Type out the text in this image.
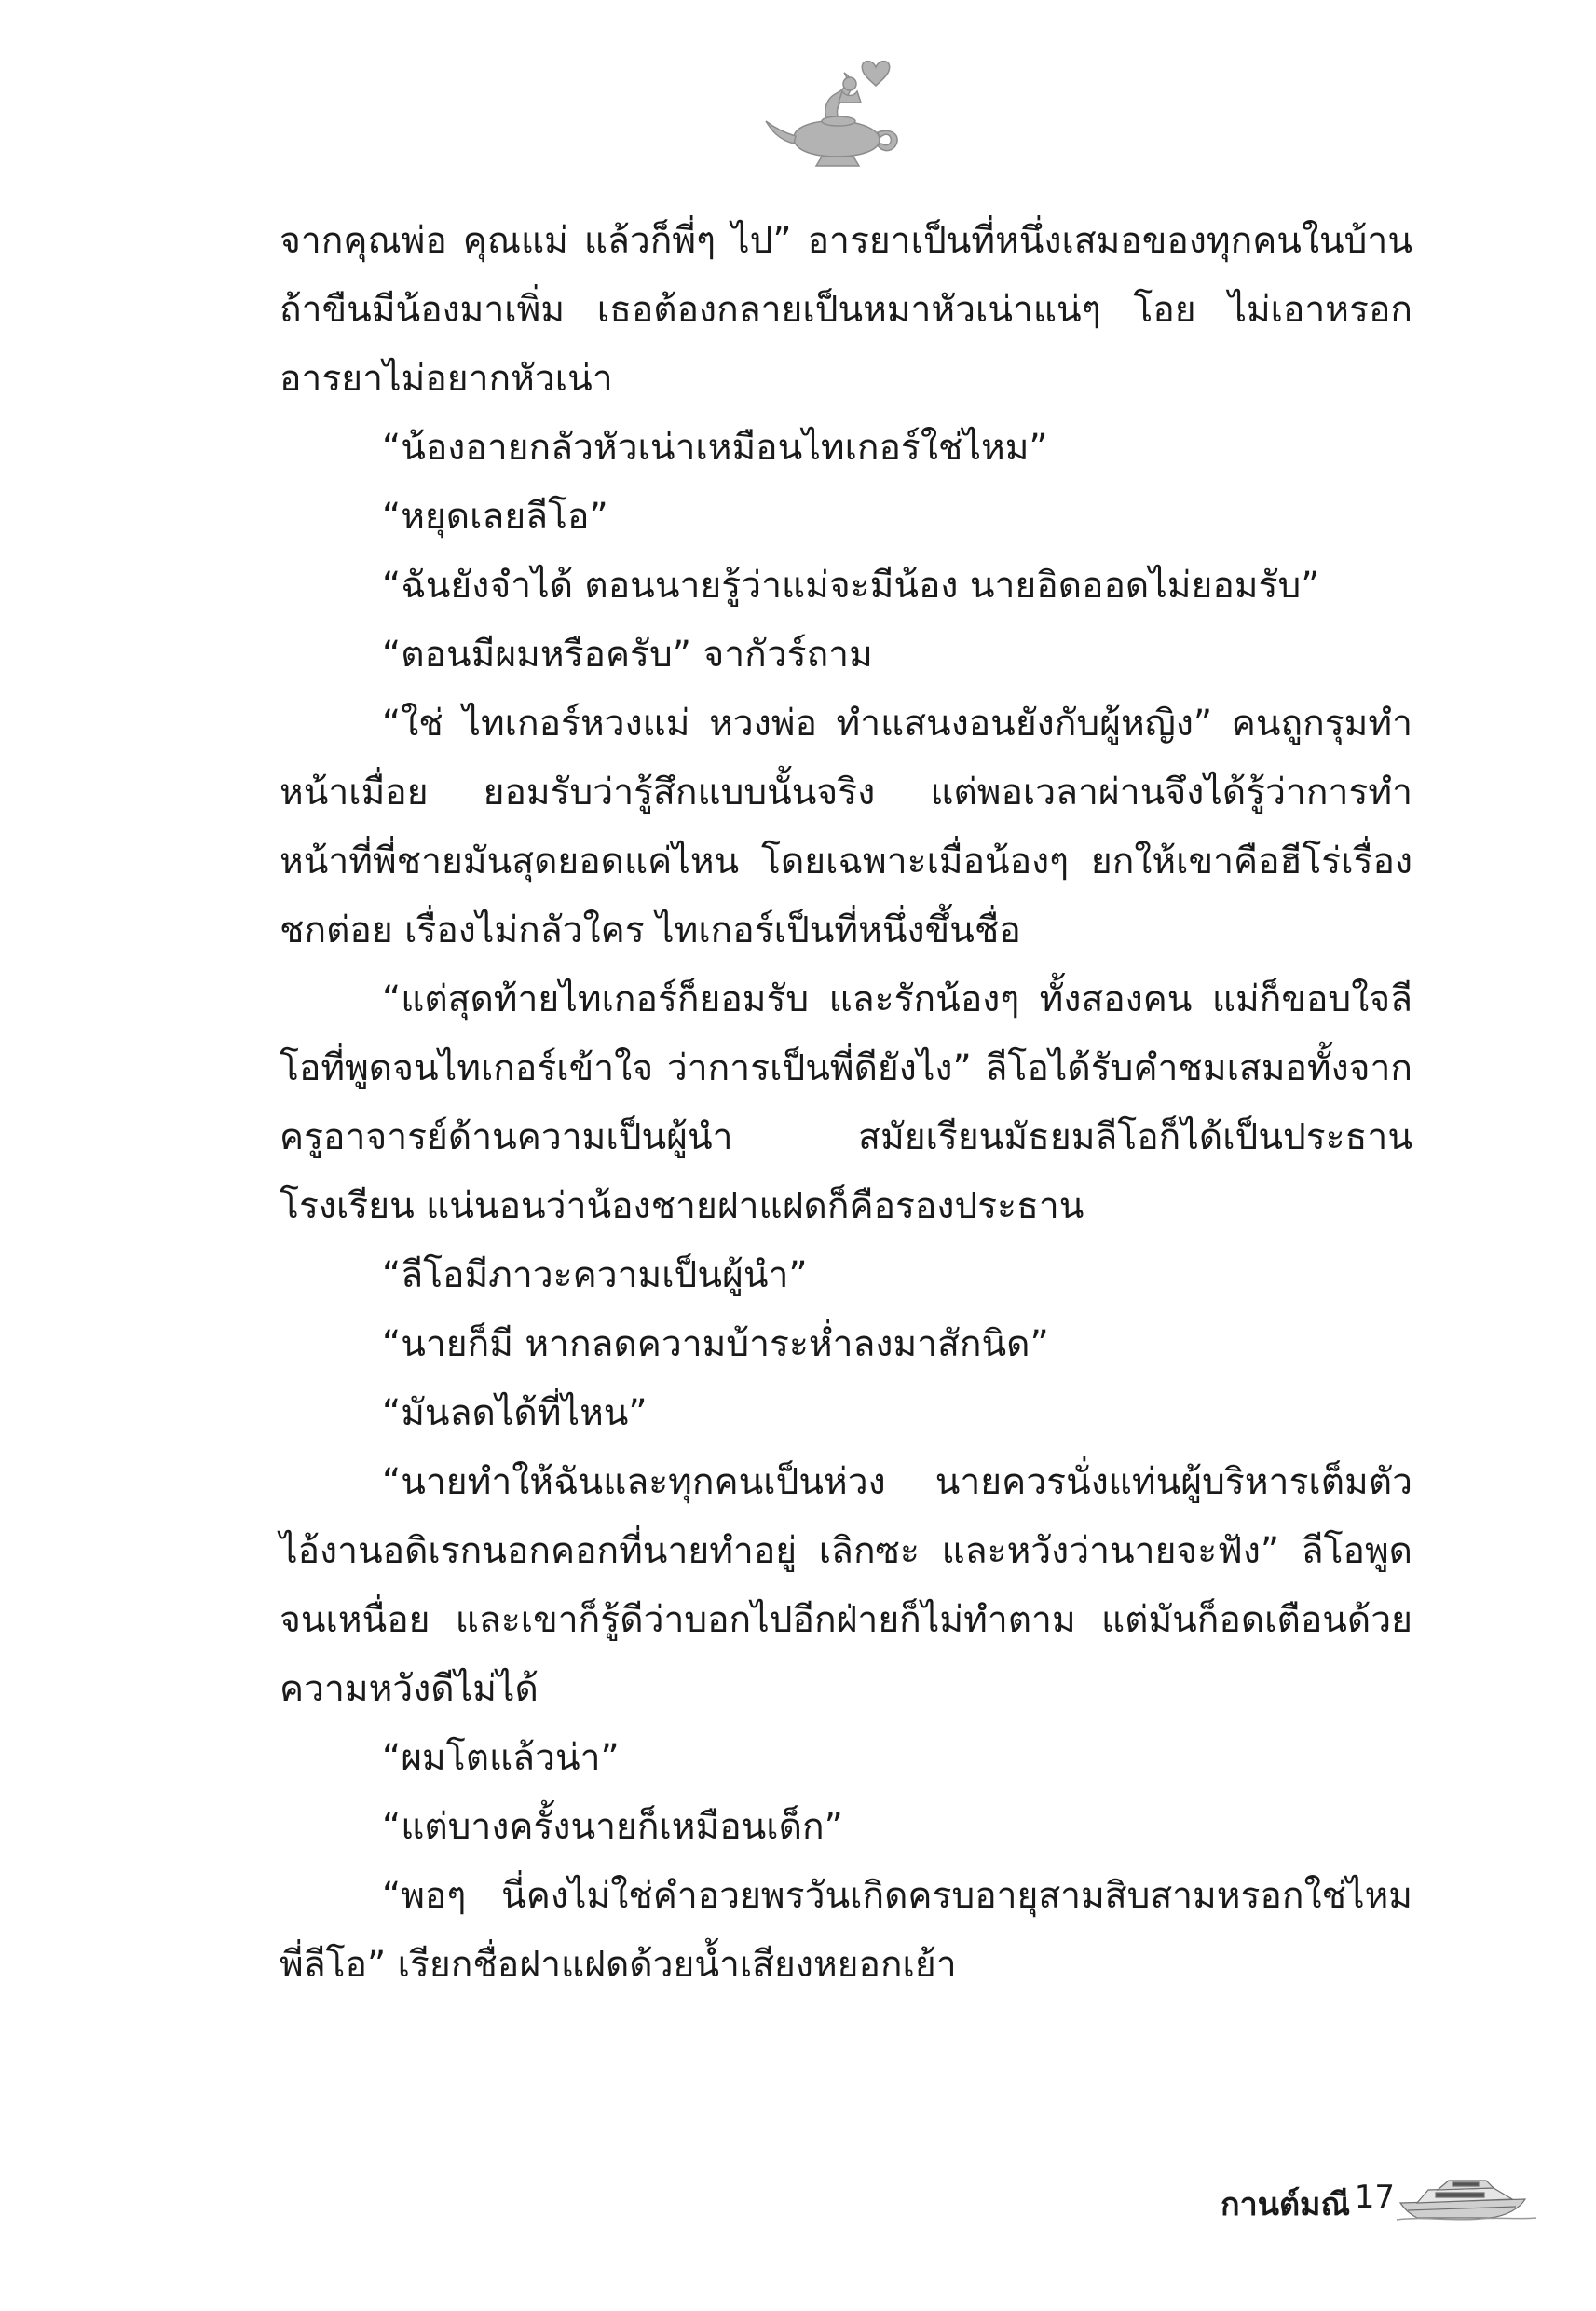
จากคุณพ่อ คุณแม่ แล้วก็พี่ๆ ไป” อารยาเป็นที่หนึ่งเสมอของทุกคนในบ้าน ถ้าขืนมีน้องมาเพิ่ม เธอต้องกลายเป็นหมาหัวเน่าแน่ๆ โอย ไม่เอาหรอก อารยาไม่อยากหัวเน่า

“น้องอายกลัวหัวเน่าเหมือนไทเกอร์ใช่ไหม”

“หยุดเลยลีโอ”

“ฉันยังจำได้ ตอนนายรู้ว่าแม่จะมีน้อง นายอิดออดไม่ยอมรับ”

“ตอนมีผมหรือครับ” จากัวร์ถาม

“ใช่ ไทเกอร์หวงแม่ หวงพ่อ ทำแสนงอนยังกับผู้หญิง” คนถูกรุมทำหน้าเมื่อย ยอมรับว่ารู้สึกแบบนั้นจริง แต่พอเวลาผ่านจึงได้รู้ว่าการทำหน้าที่พี่ชายมันสุดยอดแค่ไหน โดยเฉพาะเมื่อน้องๆ ยกให้เขาคือฮีโร่เรื่องชกต่อย เรื่องไม่กลัวใคร ไทเกอร์เป็นที่หนึ่งขึ้นชื่อ

“แต่สุดท้ายไทเกอร์ก็ยอมรับ และรักน้องๆ ทั้งสองคน แม่ก็ขอบใจลีโอที่พูดจนไทเกอร์เข้าใจ ว่าการเป็นพี่ดียังไง” ลีโอได้รับคำชมเสมอทั้งจากครูอาจารย์ด้านความเป็นผู้นำ สมัยเรียนมัธยมลีโอก็ได้เป็นประธานโรงเรียน แน่นอนว่าน้องชายฝาแฝดก็คือรองประธาน

“ลีโอมีภาวะความเป็นผู้นำ”

“นายก็มี หากลดความบ้าระห่ำลงมาสักนิด”

“มันลดได้ที่ไหน”

“นายทำให้ฉันและทุกคนเป็นห่วง นายควรนั่งแท่นผู้บริหารเต็มตัว ไอ้งานอดิเรกนอกคอกที่นายทำอยู่ เลิกซะ และหวังว่านายจะฟัง” ลีโอพูดจนเหนื่อย และเขาก็รู้ดีว่าบอกไปอีกฝ่ายก็ไม่ทำตาม แต่มันก็อดเตือนด้วยความหวังดีไม่ได้

“ผมโตแล้วน่า”

“แต่บางครั้งนายก็เหมือนเด็ก”

“พอๆ นี่คงไม่ใช่คำอวยพรวันเกิดครบอายุสามสิบสามหรอกใช่ไหมพี่ลีโอ” เรียกชื่อฝาแฝดด้วยน้ำเสียงหยอกเย้า

กานต์มณี 17
